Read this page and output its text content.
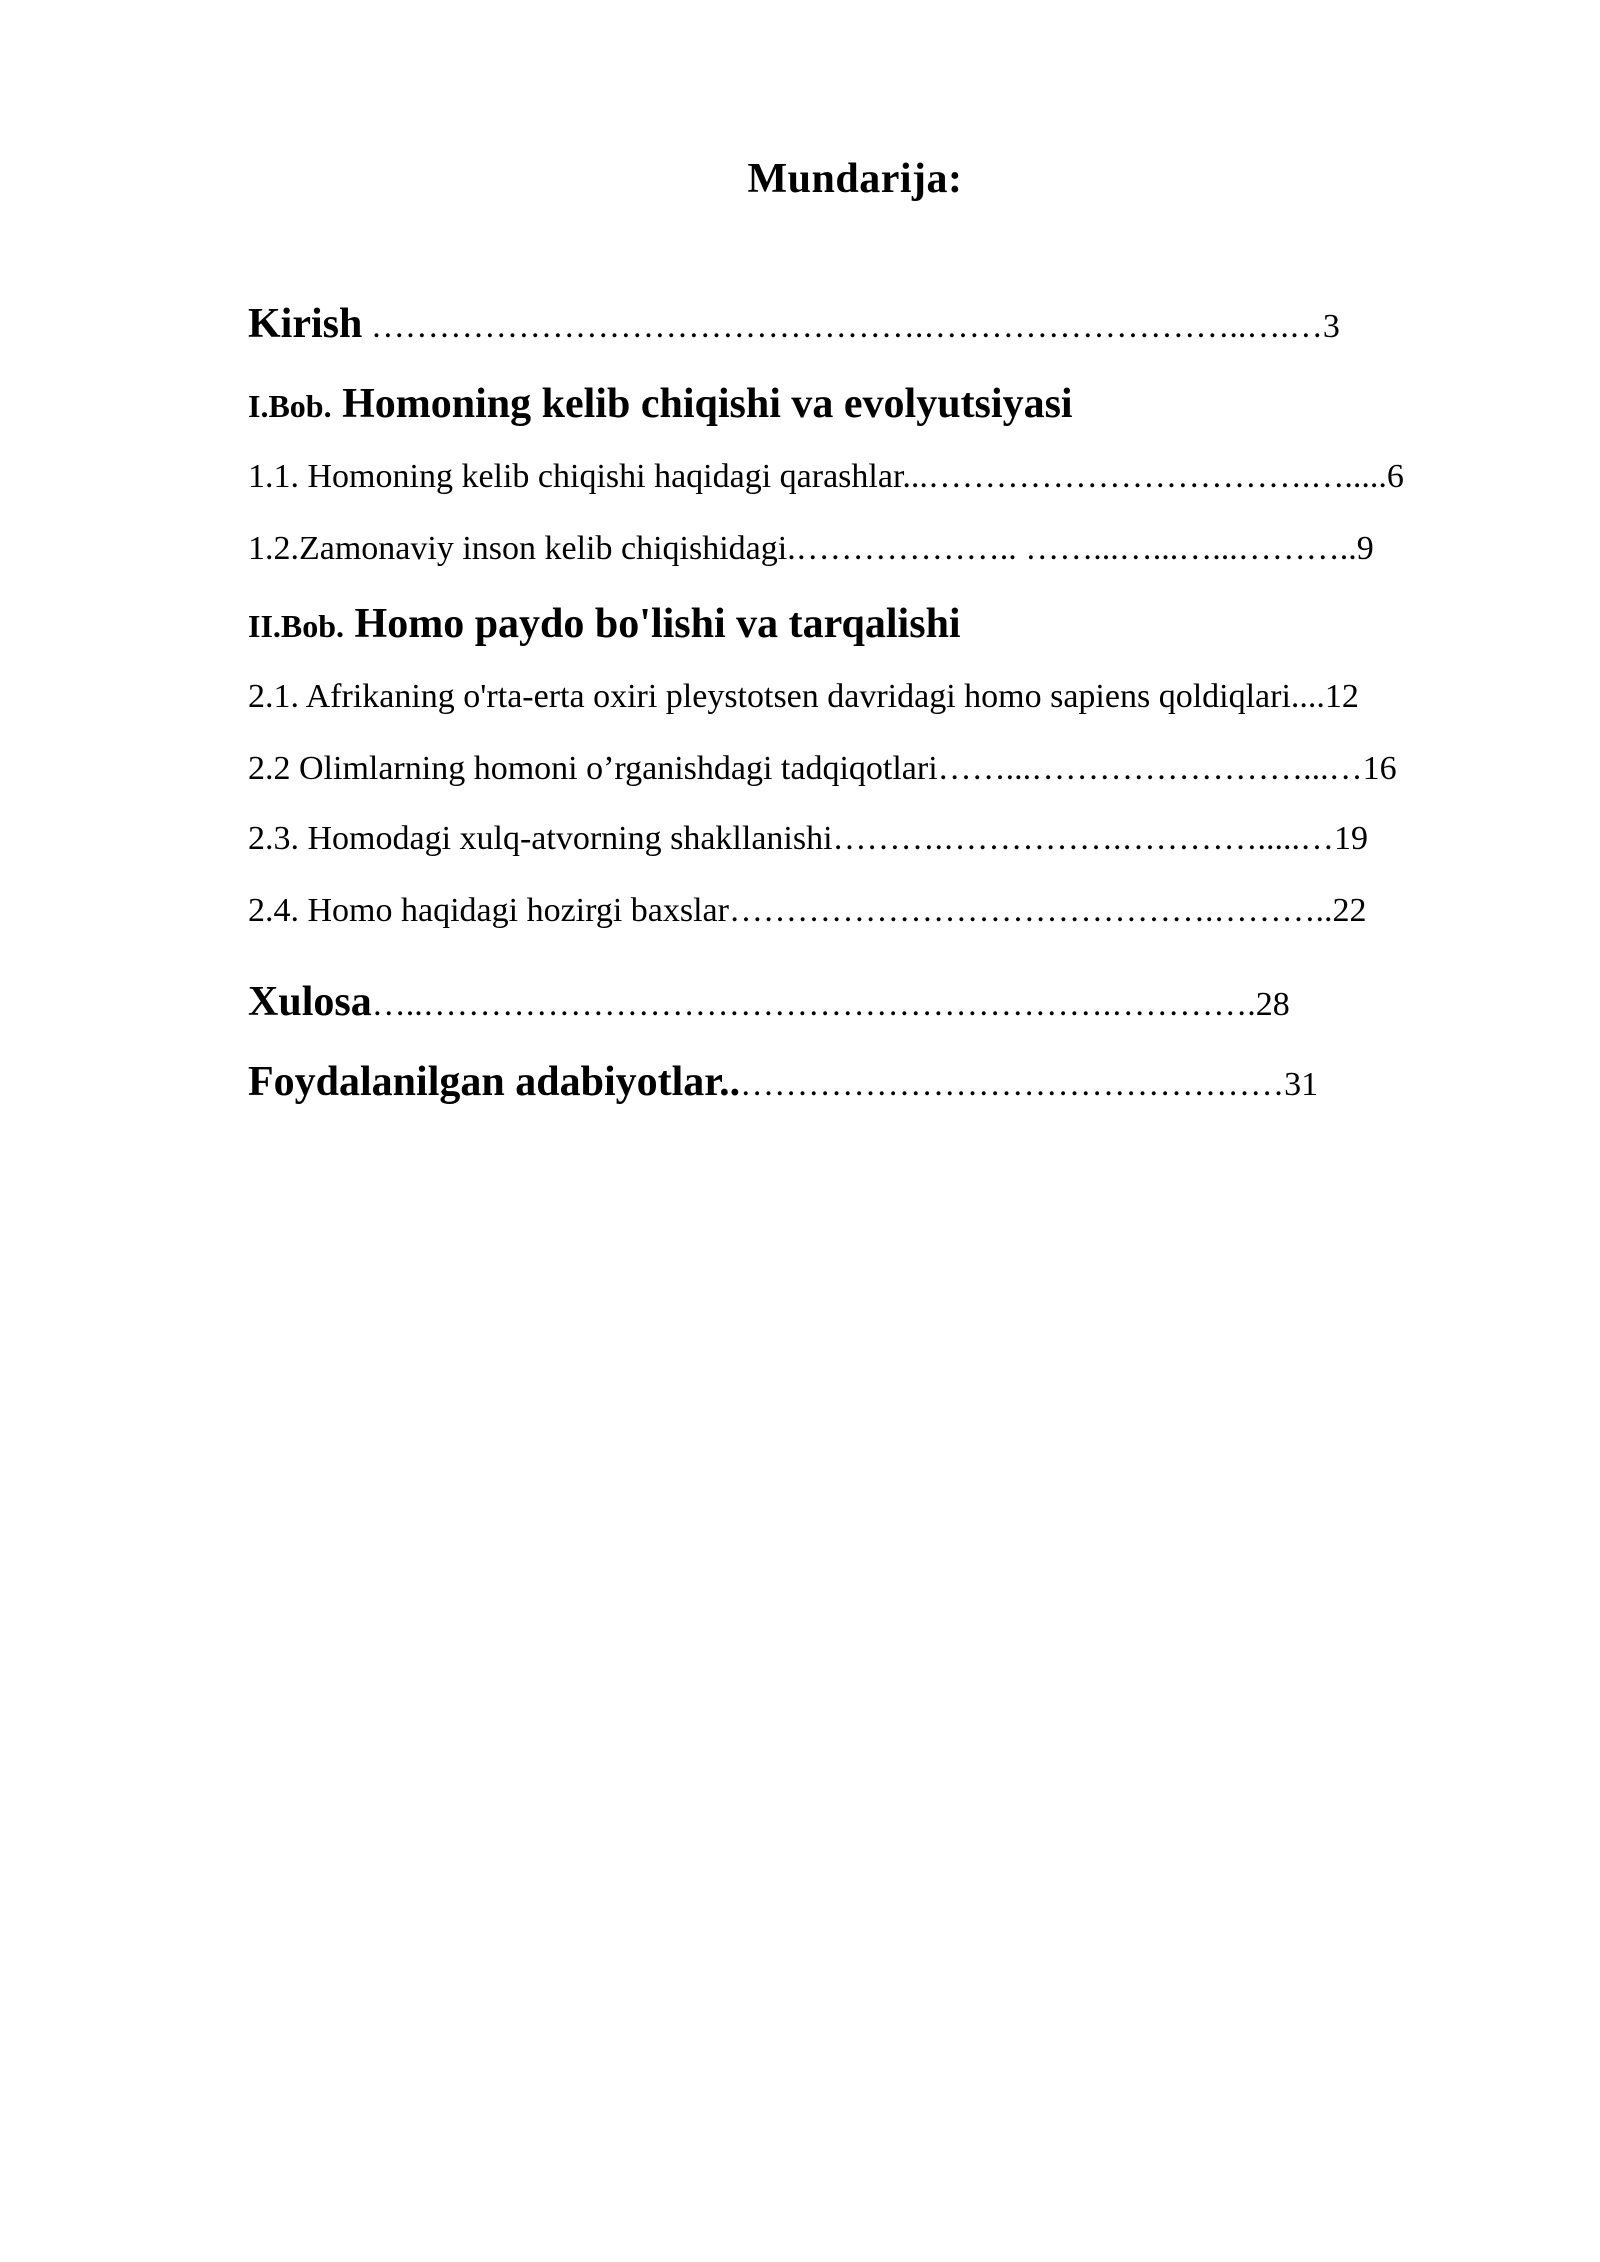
Mundarija:
Kirish ………………………………………….………………………..….…3
I.Bob. Homoning kelib chiqishi va evolyutsiyasi
1.1. Homoning kelib chiqishi haqidagi qarashlar...…………………………….….....6
1.2.Zamonaviy inson kelib chiqishidagi.……………….. ……...…...…...………..9
II.Bob. Homo paydo bo'lishi va tarqalishi
2.1. Afrikaning o'rta-erta oxiri pleystotsen davridagi homo sapiens qoldiqlari....12
2.2 Olimlarning homoni o’rganishdagi tadqiqotlari……...……………………...…16
2.3. Homodagi xulq-atvorning shakllanishi……….…………….………….....…19
2.4. Homo haqidagi hozirgi baxslar…………………………………….………..22
Xulosa…..…………………………………………………….………….28
Foydalanilgan adabiyotlar..…………………………………………31
